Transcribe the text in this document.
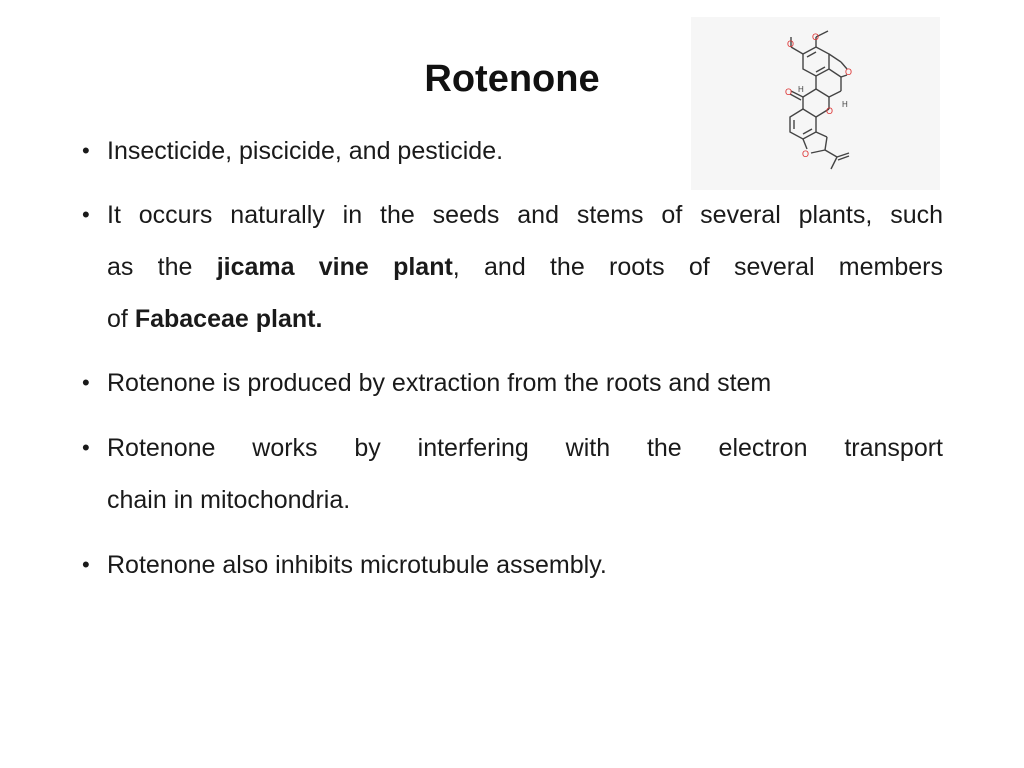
Rotenone
O
O
O
O
O
O
H
H
• Insecticide, piscicide, and pesticide.
• It occurs naturally in the seeds and stems of several plants, such
as the jicama vine plant, and the roots of several members
of Fabaceae plant.
• Rotenone is produced by extraction from the roots and stem
• Rotenone works by interfering with the electron transport
chain in mitochondria.
• Rotenone also inhibits microtubule assembly.
